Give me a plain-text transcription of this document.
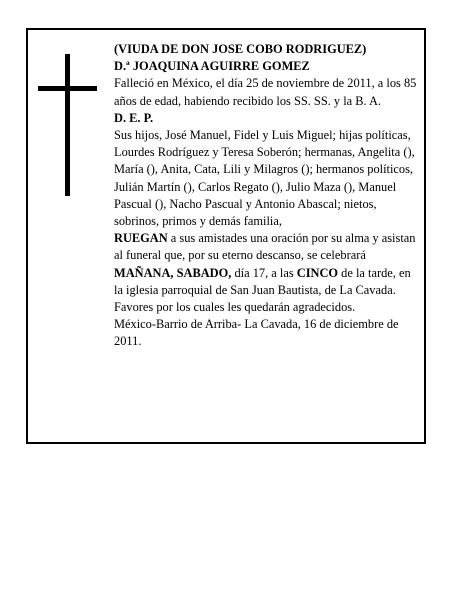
(VIUDA DE DON JOSE COBO RODRIGUEZ)

D.ª JOAQUINA AGUIRRE GOMEZ

Falleció en México, el día 25 de noviembre de 2011, a los 85 años de edad, habiendo recibido los SS. SS. y la B. A.

D. E. P.

Sus hijos, José Manuel, Fidel y Luis Miguel; hijas políticas, Lourdes Rodríguez y Teresa Soberón; hermanas, Angelita (), María (), Anita, Cata, Lili y Milagros (); hermanos políticos, Julián Martín (), Carlos Regato (), Julio Maza (), Manuel Pascual (), Nacho Pascual y Antonio Abascal; nietos, sobrinos, primos y demás familia,

RUEGAN a sus amistades una oración por su alma y asistan al funeral que, por su eterno descanso, se celebrará MAÑANA, SABADO, día 17, a las CINCO de la tarde, en la iglesia parroquial de San Juan Bautista, de La Cavada. Favores por los cuales les quedarán agradecidos.

México-Barrio de Arriba- La Cavada, 16 de diciembre de 2011.
